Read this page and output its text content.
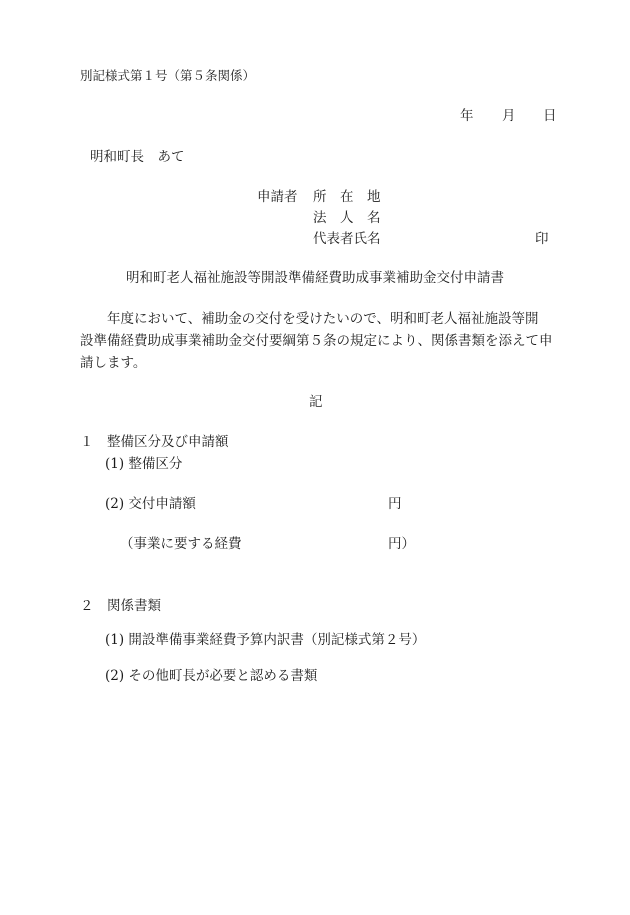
別記様式第１号（第５条関係）
年 月 日
明和町長　あて
申請者 所　在　地
法　人　名
代表者氏名	印
明和町老人福祉施設等開設準備経費助成事業補助金交付申請書
　　年度において、補助金の交付を受けたいので、明和町老人福祉施設等開
設準備経費助成事業補助金交付要綱第５条の規定により、関係書類を添えて申
請します。
記
１　整備区分及び申請額
(1) 整備区分
(2) 交付申請額	円
（事業に要する経費	円）
２　関係書類
(1) 開設準備事業経費予算内訳書（別記様式第２号）
(2) その他町長が必要と認める書類
